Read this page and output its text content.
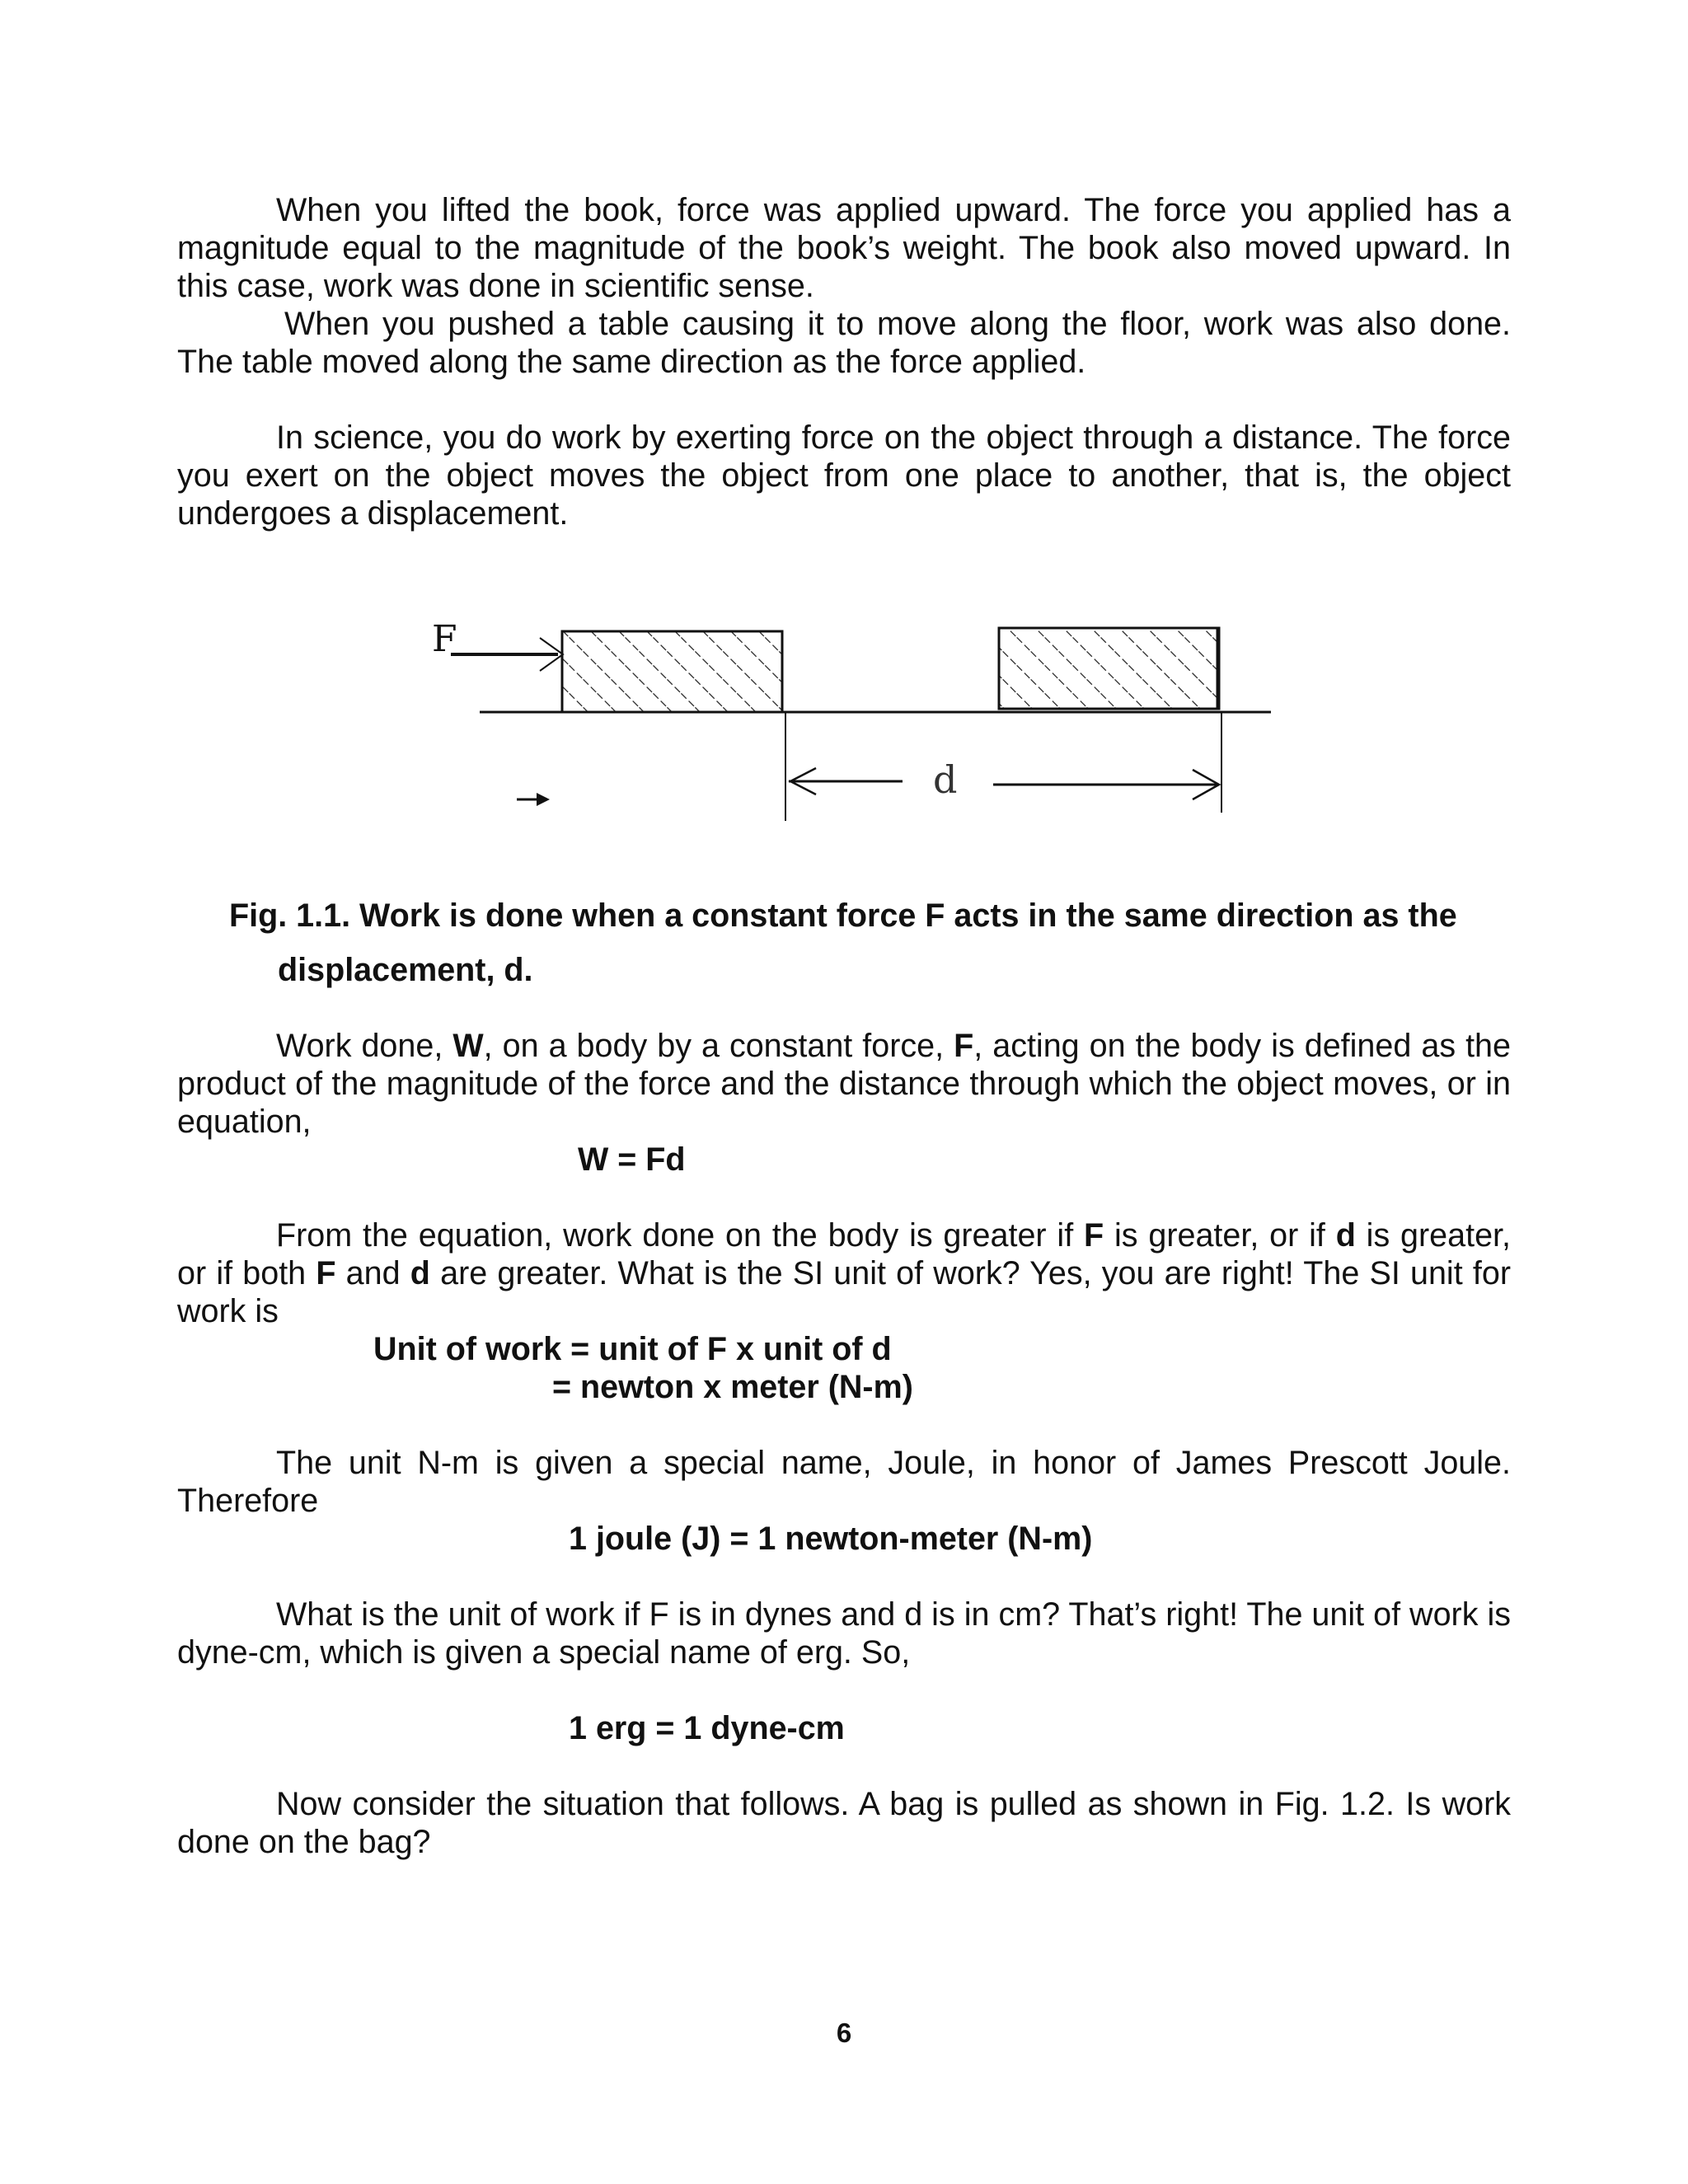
When you lifted the book, force was applied upward. The force you applied has a magnitude equal to the magnitude of the book’s weight. The book also moved upward. In this case, work was done in scientific sense.

When you pushed a table causing it to move along the floor, work was also done. The table moved along the same direction as the force applied.

In science, you do work by exerting force on the object through a distance. The force you exert on the object moves the object from one place to another, that is, the object undergoes a displacement.

F
d

Fig. 1.1. Work is done when a constant force F acts in the same direction as the

displacement, d.

Work done, W, on a body by a constant force, F, acting on the body is defined as the product of the magnitude of the force and the distance through which the object moves, or in equation,

W = Fd

From the equation, work done on the body is greater if F is greater, or if d is greater, or if both F and d are greater. What is the SI unit of work? Yes, you are right! The SI unit for work is

Unit of work = unit of F x unit of d

= newton x meter (N-m)

The unit N-m is given a special name, Joule, in honor of James Prescott Joule. Therefore

1 joule (J) = 1 newton-meter (N-m)

What is the unit of work if F is in dynes and d is in cm? That’s right! The unit of work is dyne-cm, which is given a special name of erg. So,

1 erg = 1 dyne-cm

Now consider the situation that follows. A bag is pulled as shown in Fig. 1.2. Is work done on the bag?

6
